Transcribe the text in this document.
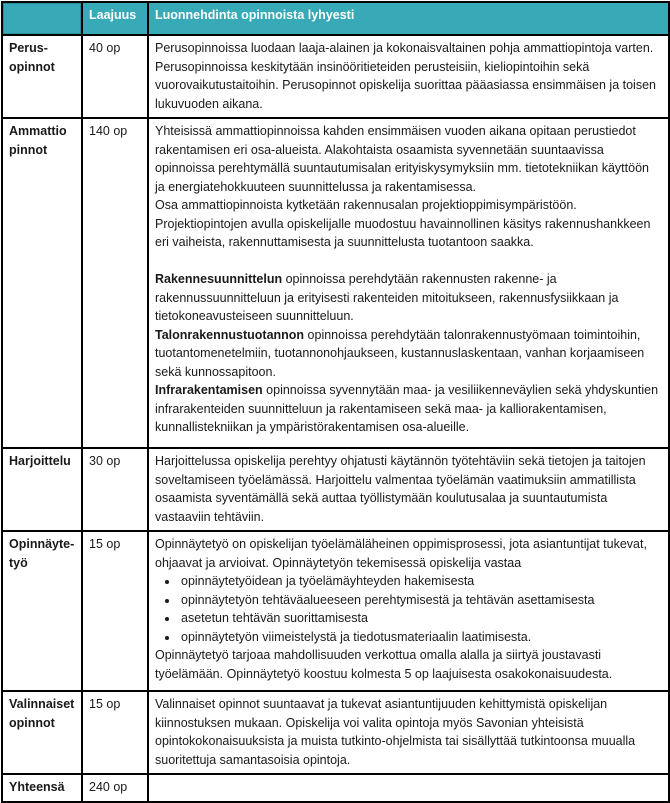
	Laajuus	Luonnehdinta opinnoista lyhyesti

Perus-
opinnot	40 op	Perusopinnoissa luodaan laaja-alainen ja kokonaisvaltainen pohja ammattiopintoja varten. Perusopinnoissa keskitytään insinööritieteiden perusteisiin, kieliopintoihin sekä vuorovaikutustaitoihin. Perusopinnot opiskelija suorittaa pääasiassa ensimmäisen ja toisen lukuvuoden aikana.

Ammattio
pinnot
	140 op	Yhteisissä ammattiopinnoissa kahden ensimmäisen vuoden aikana opitaan perustiedot rakentamisen eri osa-alueista. Alakohtaista osaamista syvennetään suuntaavissa opinnoissa perehtymällä suuntautumisalan erityiskysymyksiin mm. tietotekniikan käyttöön ja energiatehokkuuteen suunnittelussa ja rakentamisessa.
Osa ammattiopinnoista kytketään rakennusalan projektioppimisympäristöön. Projektiopintojen avulla opiskelijalle muodostuu havainnollinen käsitys rakennushankkeen eri vaiheista, rakennuttamisesta ja suunnittelusta tuotantoon saakka.
Rakennesuunnittelun opinnoissa perehdytään rakennusten rakenne- ja rakennussuunnitteluun ja erityisesti rakenteiden mitoitukseen, rakennusfysiikkaan ja tietokoneavusteiseen suunnitteluun.
Talonrakennustuotannon opinnoissa perehdytään talonrakennustyömaan toimintoihin, tuotantomenetelmiin, tuotannonohjaukseen, kustannuslaskentaan, vanhan korjaamiseen sekä kunnossapitoon.
Infrarakentamisen opinnoissa syvennytään maa- ja vesiliikenneväylien sekä yhdyskuntien infrarakenteiden suunnitteluun ja rakentamiseen sekä maa- ja kalliorakentamisen, kunnallistekniikan ja ympäristörakentamisen osa-alueille.

Harjoittelu	30 op	Harjoittelussa opiskelija perehtyy ohjatusti käytännön työtehtäviin sekä tietojen ja taitojen soveltamiseen työelämässä. Harjoittelu valmentaa työelämän vaatimuksiin ammatillista osaamista syventämällä sekä auttaa työllistymään koulutusalaa ja suuntautumista vastaaviin tehtäviin.

Opinnäyte-
työ
	15 op	Opinnäytetyö on opiskelijan työelämäläheinen oppimisprosessi, jota asiantuntijat tukevat, ohjaavat ja arvioivat. Opinnäytetyön tekemisessä opiskelija vastaa
• opinnäytetyöidean ja työelämäyhteyden hakemisesta
• opinnäytetyön tehtäväalueeseen perehtymisestä ja tehtävän asettamisesta
• asetetun tehtävän suorittamisesta
• opinnäytetyön viimeistelystä ja tiedotusmateriaalin laatimisesta.
Opinnäytetyö tarjoaa mahdollisuuden verkottua omalla alalla ja siirtyä joustavasti työelämään. Opinnäytetyö koostuu kolmesta 5 op laajuisesta osakokonaisuudesta.

Valinnaiset
opinnot	15 op	Valinnaiset opinnot suuntaavat ja tukevat asiantuntijuuden kehittymistä opiskelijan kiinnostuksen mukaan. Opiskelija voi valita opintoja myös Savonian yhteisistä opintokokonaisuuksista ja muista tutkinto-ohjelmista tai sisällyttää tutkintoonsa muualla suoritettuja samantasoisia opintoja.

Yhteensä	240 op	
